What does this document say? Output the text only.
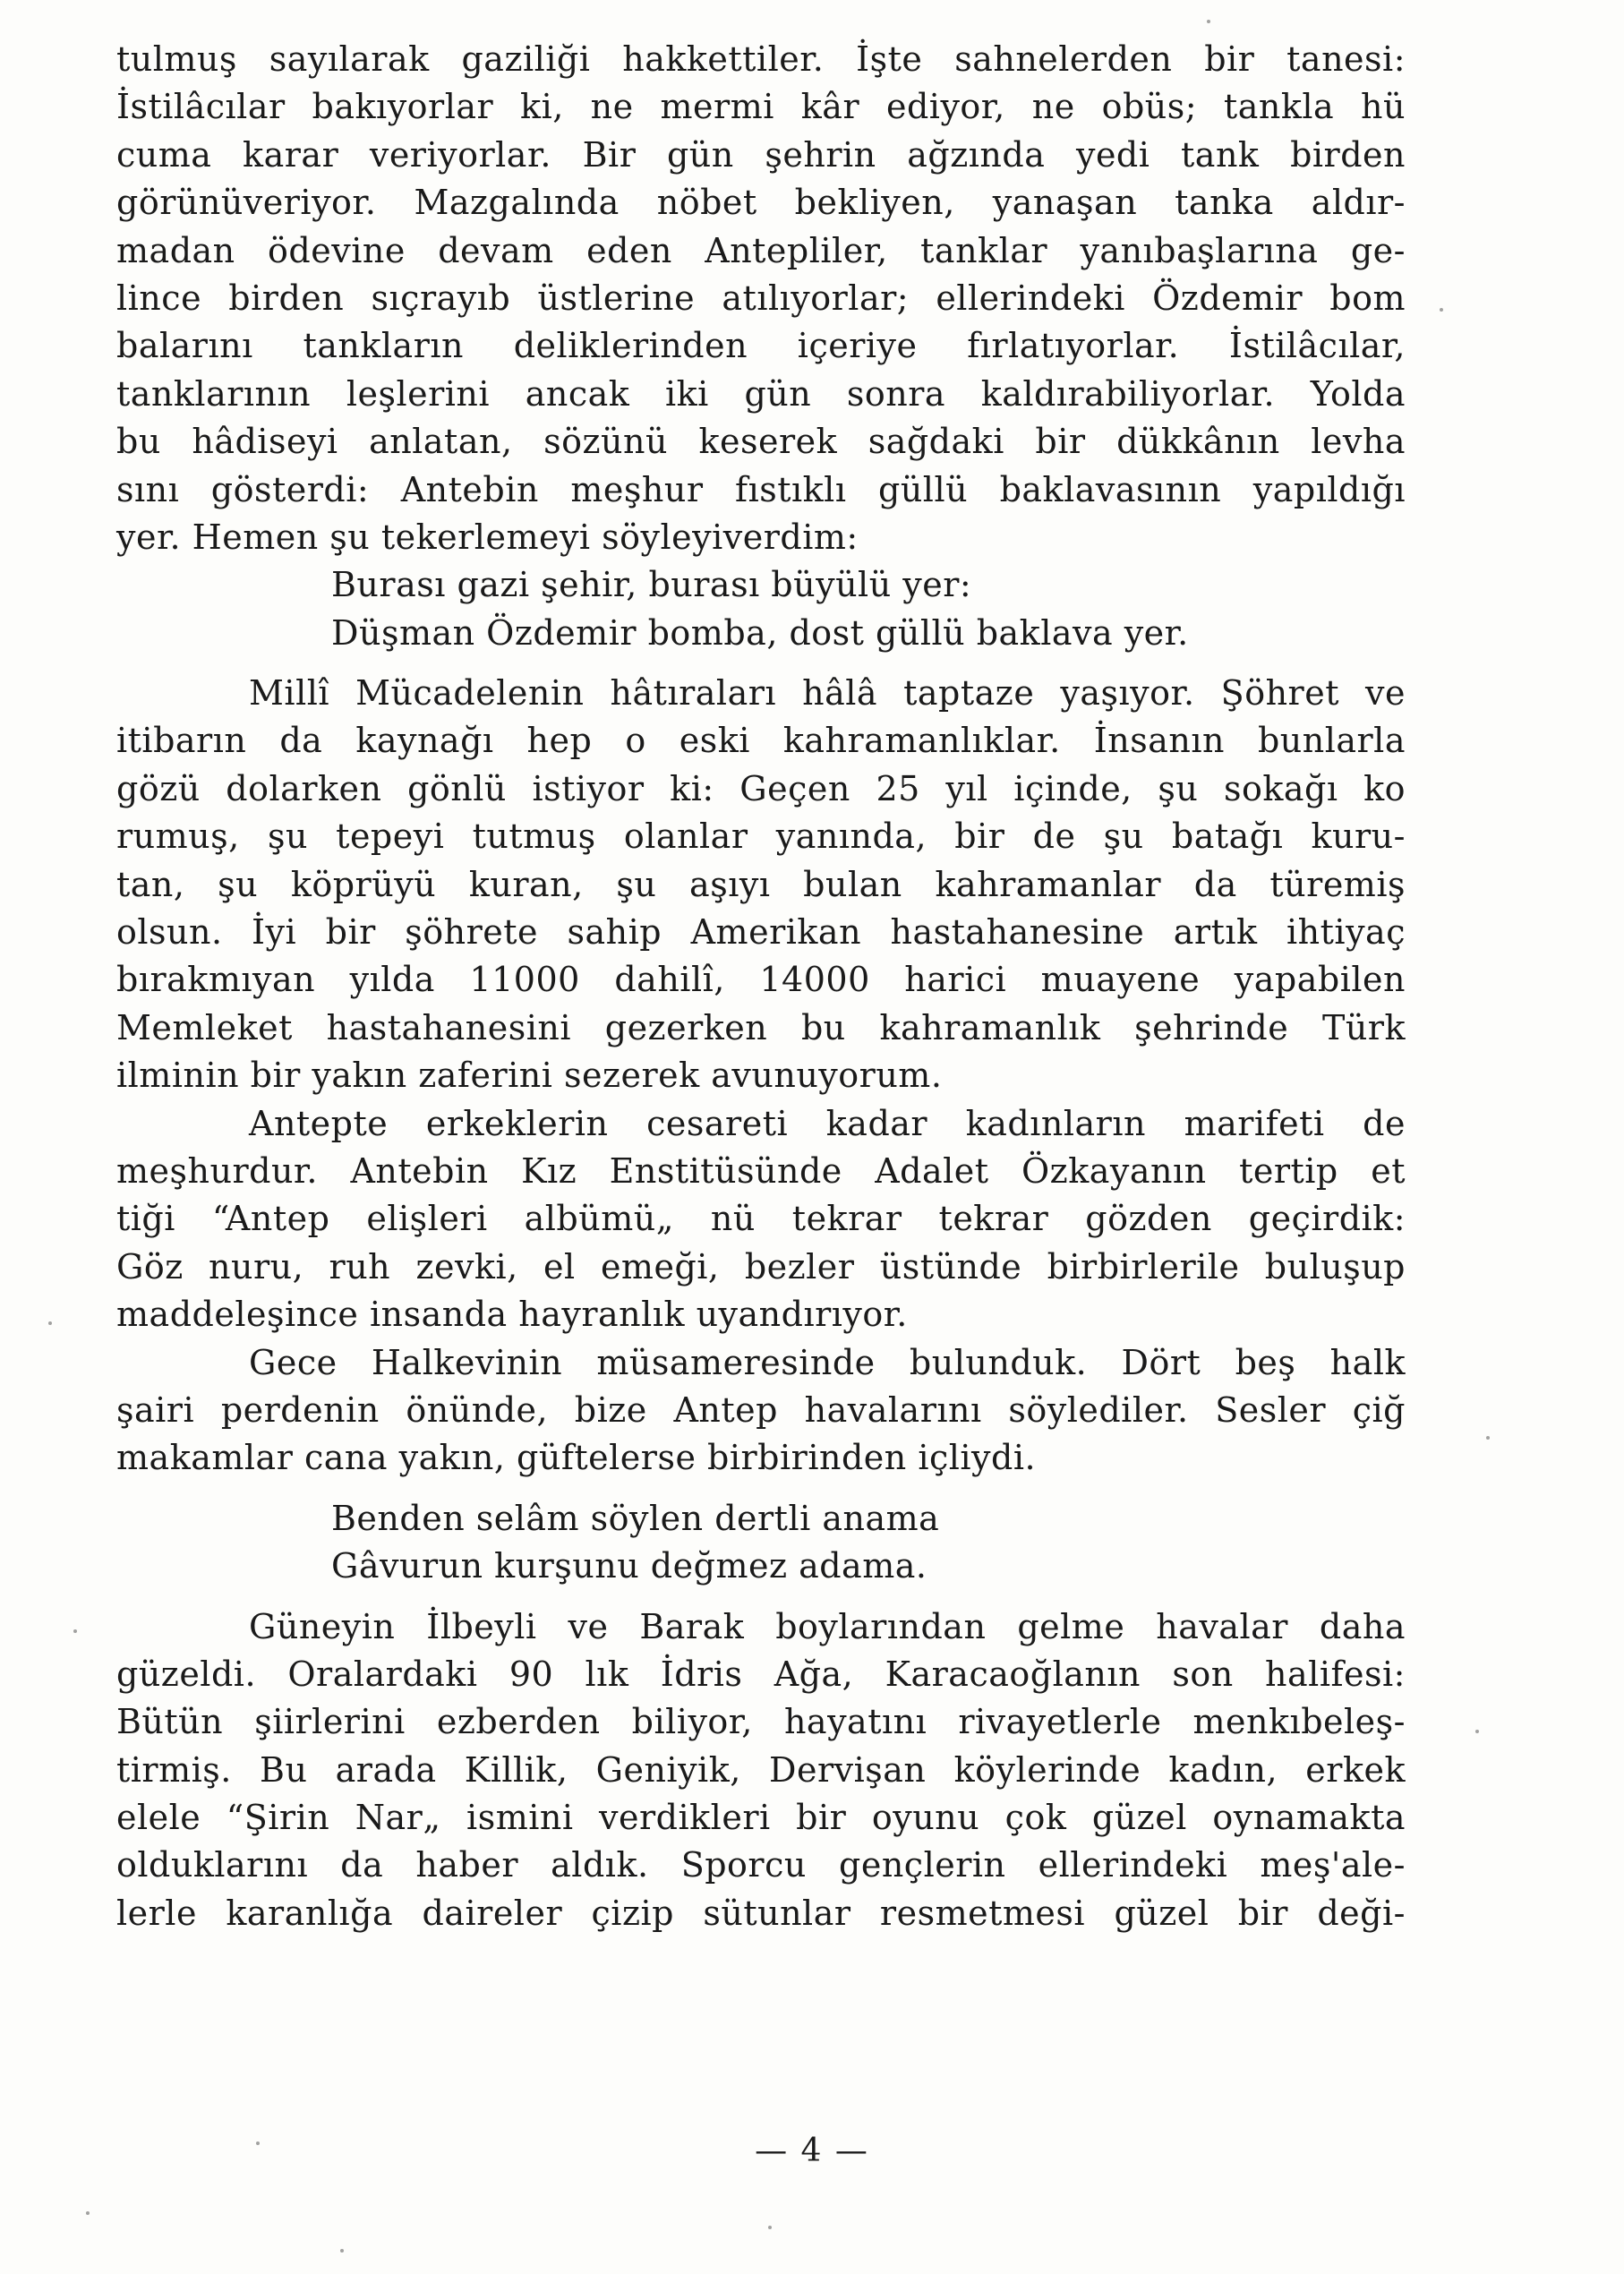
tulmuş sayılarak gaziliği hakkettiler. İşte sahnelerden bir tanesi:
İstilâcılar bakıyorlar ki, ne mermi kâr ediyor, ne obüs; tankla hü
cuma karar veriyorlar. Bir gün şehrin ağzında yedi tank birden
görünüveriyor. Mazgalında nöbet bekliyen, yanaşan tanka aldır-
madan ödevine devam eden Antepliler, tanklar yanıbaşlarına ge-
lince birden sıçrayıb üstlerine atılıyorlar; ellerindeki Özdemir bom
balarını tankların deliklerinden içeriye fırlatıyorlar. İstilâcılar,
tanklarının leşlerini ancak iki gün sonra kaldırabiliyorlar. Yolda
bu hâdiseyi anlatan, sözünü keserek sağdaki bir dükkânın levha
sını gösterdi: Antebin meşhur fıstıklı güllü baklavasının yapıldığı
yer. Hemen şu tekerlemeyi söyleyiverdim:
Burası gazi şehir, burası büyülü yer:
Düşman Özdemir bomba, dost güllü baklava yer.
Millî Mücadelenin hâtıraları hâlâ taptaze yaşıyor. Şöhret ve
itibarın da kaynağı hep o eski kahramanlıklar. İnsanın bunlarla
gözü dolarken gönlü istiyor ki: Geçen 25 yıl içinde, şu sokağı ko
rumuş, şu tepeyi tutmuş olanlar yanında, bir de şu batağı kuru-
tan, şu köprüyü kuran, şu aşıyı bulan kahramanlar da türemiş
olsun. İyi bir şöhrete sahip Amerikan hastahanesine artık ihtiyaç
bırakmıyan yılda 11000 dahilî, 14000 harici muayene yapabilen
Memleket hastahanesini gezerken bu kahramanlık şehrinde Türk
ilminin bir yakın zaferini sezerek avunuyorum.
Antepte erkeklerin cesareti kadar kadınların marifeti de
meşhurdur. Antebin Kız Enstitüsünde Adalet Özkayanın tertip et
tiği “Antep elişleri albümü„ nü tekrar tekrar gözden geçirdik:
Göz nuru, ruh zevki, el emeği, bezler üstünde birbirlerile buluşup
maddeleşince insanda hayranlık uyandırıyor.
Gece Halkevinin müsameresinde bulunduk. Dört beş halk
şairi perdenin önünde, bize Antep havalarını söylediler. Sesler çiğ
makamlar cana yakın, güftelerse birbirinden içliydi.
Benden selâm söylen dertli anama
Gâvurun kurşunu değmez adama.
Güneyin İlbeyli ve Barak boylarından gelme havalar daha
güzeldi. Oralardaki 90 lık İdris Ağa, Karacaoğlanın son halifesi:
Bütün şiirlerini ezberden biliyor, hayatını rivayetlerle menkıbeleş-
tirmiş. Bu arada Killik, Geniyik, Dervişan köylerinde kadın, erkek
elele “Şirin Nar„ ismini verdikleri bir oyunu çok güzel oynamakta
olduklarını da haber aldık. Sporcu gençlerin ellerindeki meş'ale-
lerle karanlığa daireler çizip sütunlar resmetmesi güzel bir deği-
— 4 —
